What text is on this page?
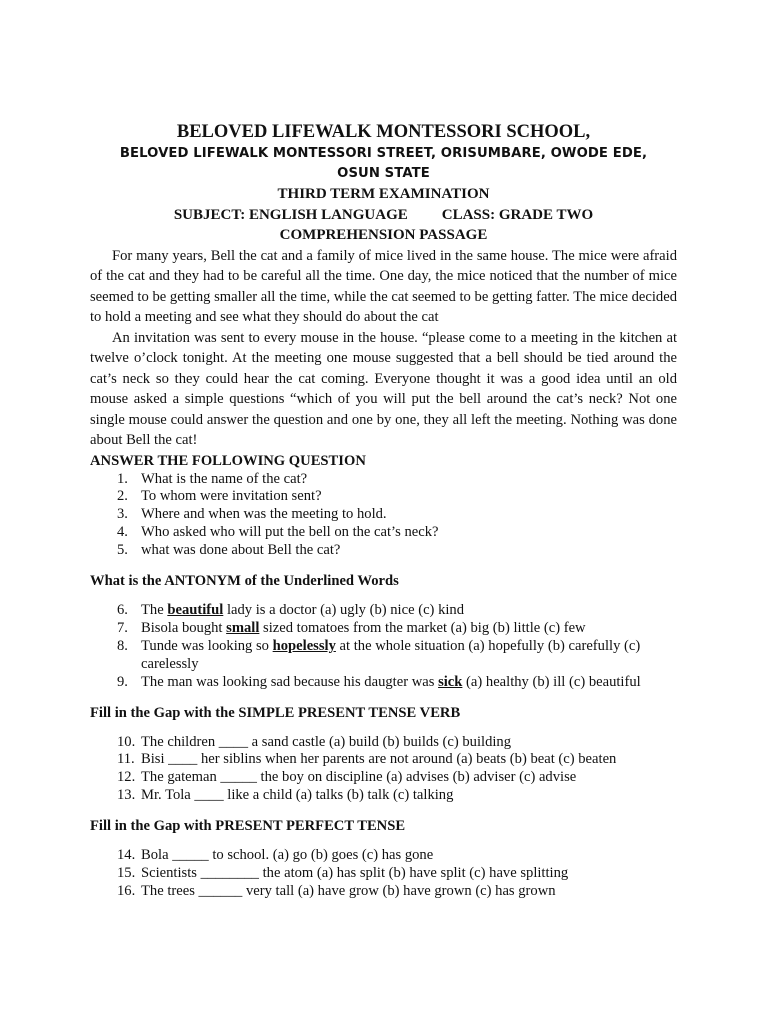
BELOVED LIFEWALK MONTESSORI SCHOOL,

BELOVED LIFEWALK MONTESSORI STREET, ORISUMBARE, OWODE EDE,

OSUN STATE

THIRD TERM EXAMINATION

SUBJECT: ENGLISH LANGUAGE CLASS: GRADE TWO

COMPREHENSION PASSAGE

For many years, Bell the cat and a family of mice lived in the same house. The mice were afraid of the cat and they had to be careful all the time. One day, the mice noticed that the number of mice seemed to be getting smaller all the time, while the cat seemed to be getting fatter. The mice decided to hold a meeting and see what they should do about the cat

An invitation was sent to every mouse in the house. “please come to a meeting in the kitchen at twelve o’clock tonight. At the meeting one mouse suggested that a bell should be tied around the cat’s neck so they could hear the cat coming. Everyone thought it was a good idea until an old mouse asked a simple questions “which of you will put the bell around the cat’s neck? Not one single mouse could answer the question and one by one, they all left the meeting. Nothing was done about Bell the cat!

ANSWER THE FOLLOWING QUESTION

1. What is the name of the cat?
2. To whom were invitation sent?
3. Where and when was the meeting to hold.
4. Who asked who will put the bell on the cat’s neck?
5. what was done about Bell the cat?

What is the ANTONYM of the Underlined Words

6. The beautiful lady is a doctor (a) ugly (b) nice (c) kind
7. Bisola bought small sized tomatoes from the market (a) big (b) little (c) few
8. Tunde was looking so hopelessly at the whole situation (a) hopefully (b) carefully (c) carelessly
9. The man was looking sad because his daugter was sick (a) healthy (b) ill (c) beautiful

Fill in the Gap with the SIMPLE PRESENT TENSE VERB

10. The children ____ a sand castle (a) build (b) builds (c) building
11. Bisi ____ her siblins when her parents are not around (a) beats (b) beat (c) beaten
12. The gateman _____ the boy on discipline (a) advises (b) adviser (c) advise
13. Mr. Tola ____ like a child (a) talks (b) talk (c) talking

Fill in the Gap with PRESENT PERFECT TENSE

14. Bola _____ to school. (a) go (b) goes (c) has gone
15. Scientists ________ the atom (a) has split (b) have split (c) have splitting
16. The trees ______ very tall (a) have grow (b) have grown (c) has grown
